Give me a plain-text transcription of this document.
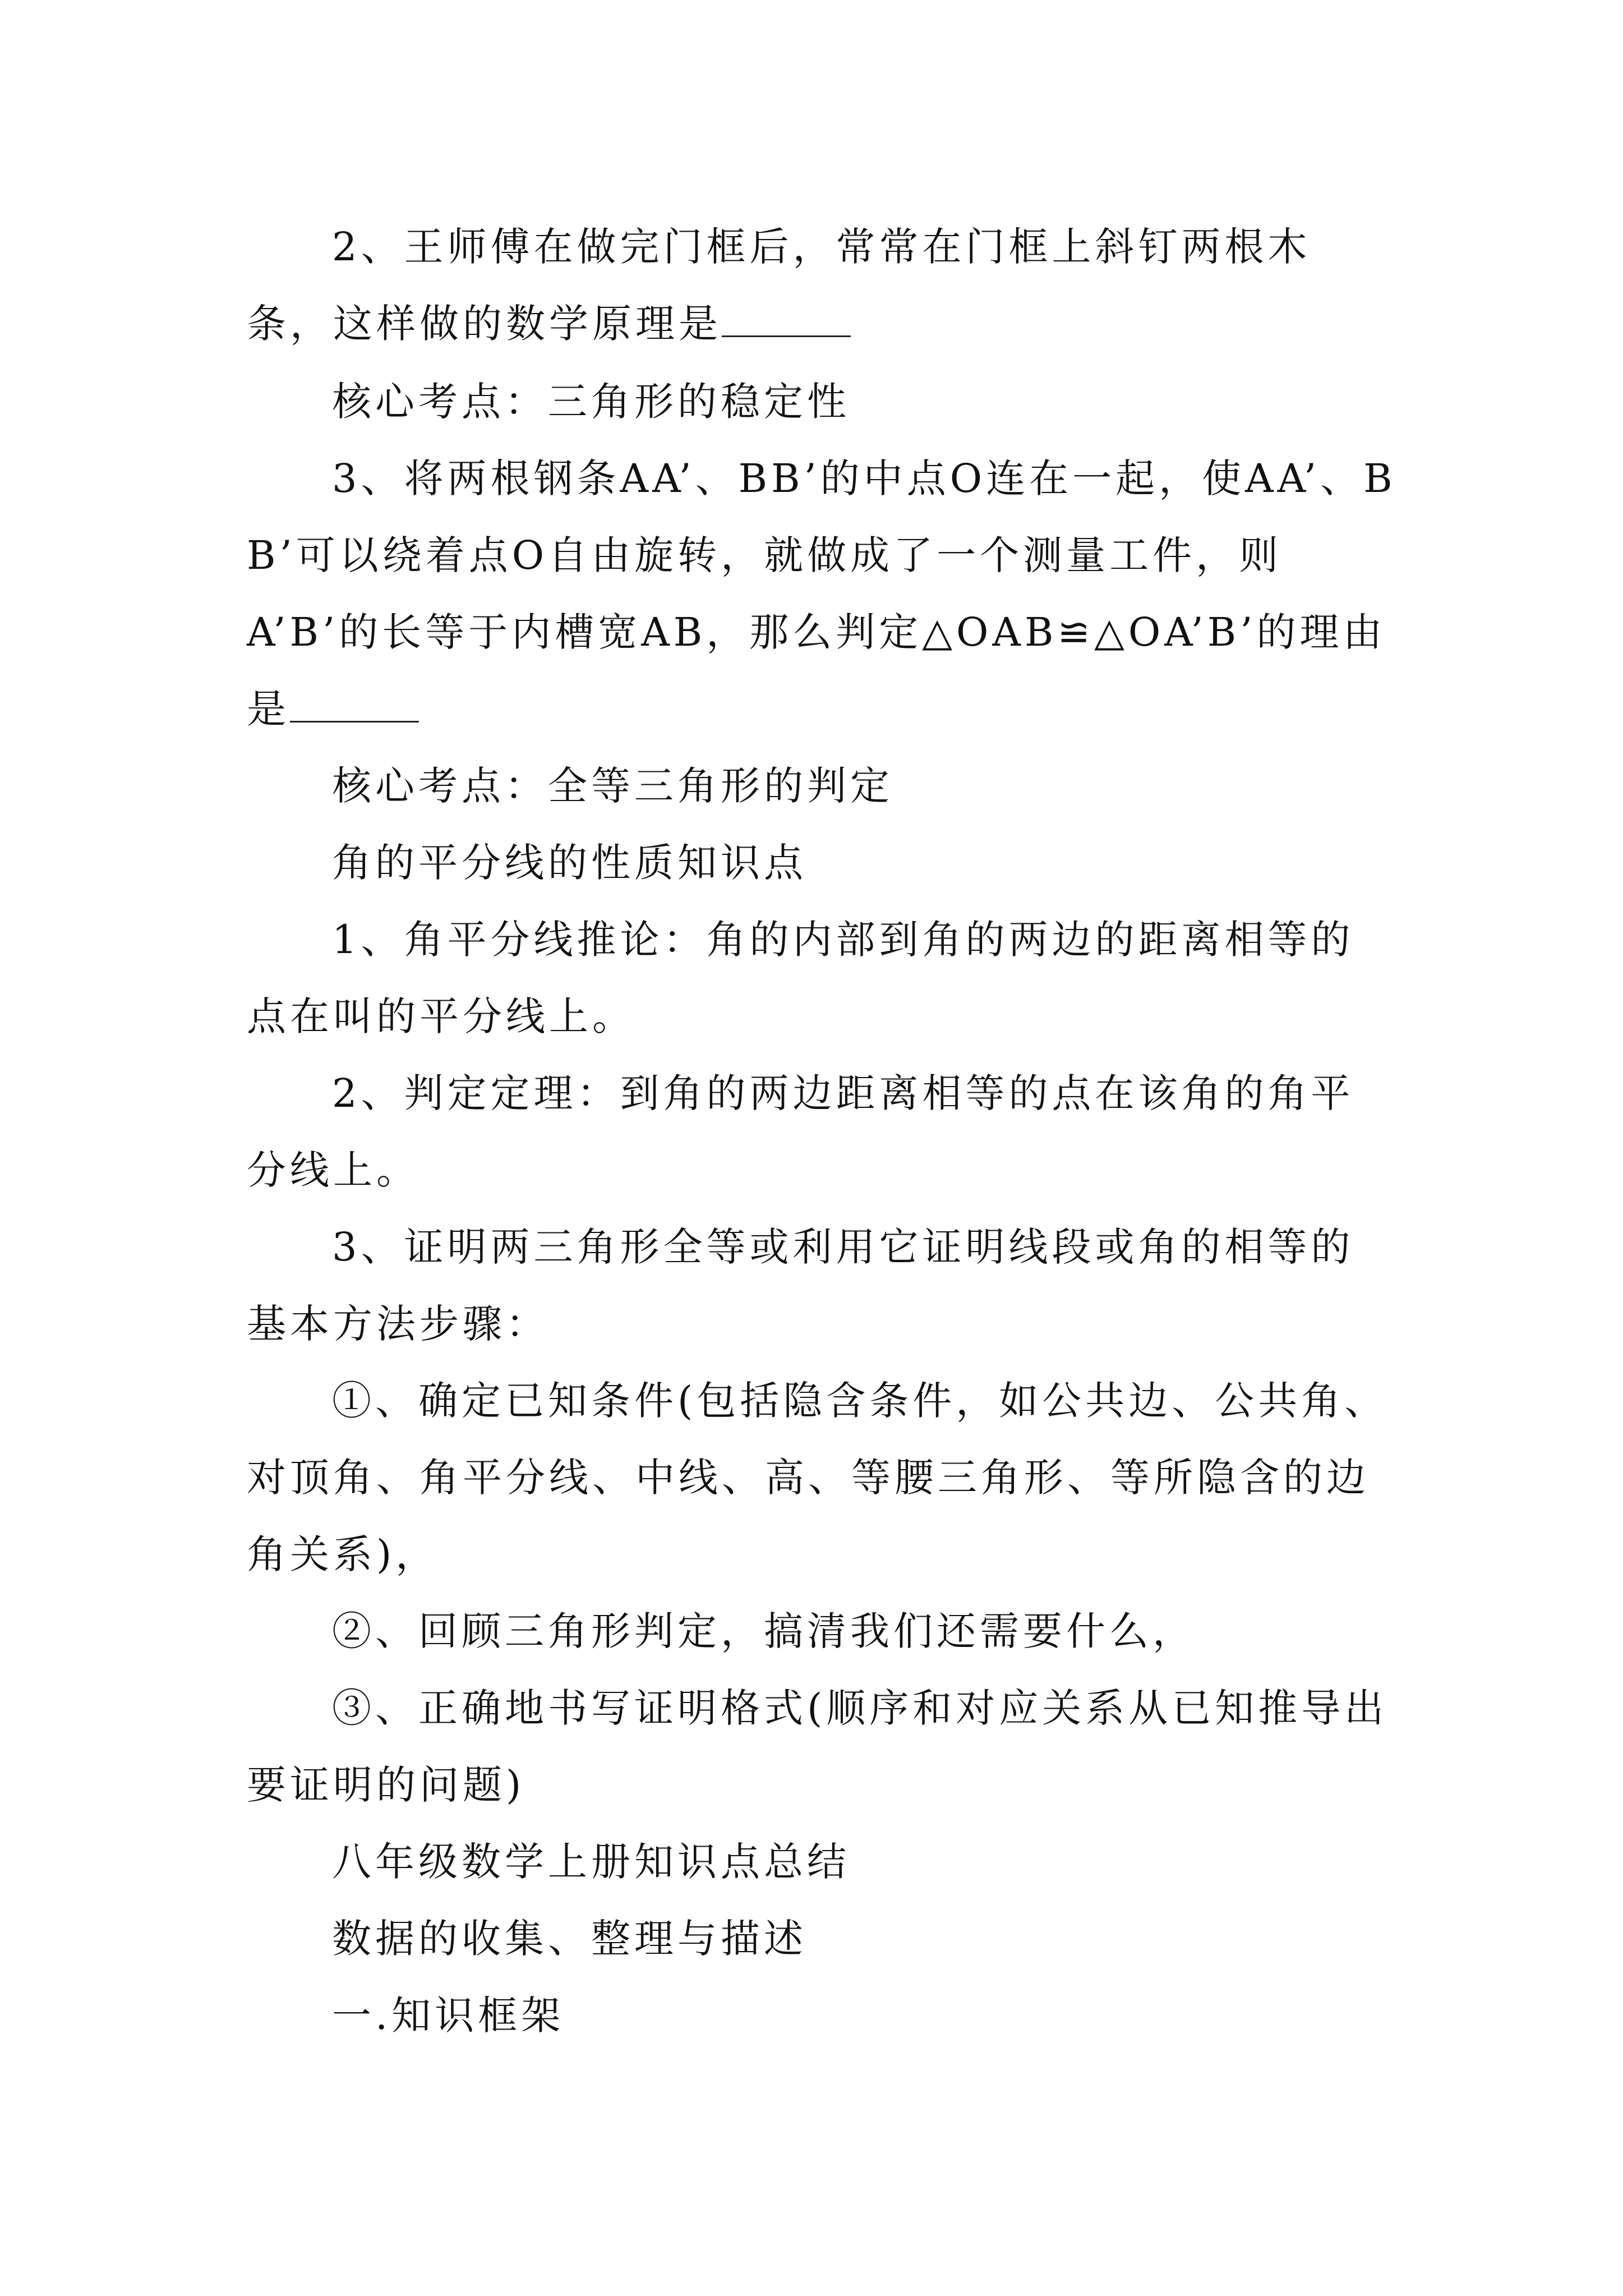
2、王师傅在做完门框后，常常在门框上斜钉两根木条，这样做的数学原理是

核心考点：三角形的稳定性

3、将两根钢条AA’、BB’的中点O连在一起，使AA’、BB’可以绕着点O自由旋转，就做成了一个测量工件，则A’B’的长等于内槽宽AB，那么判定△OAB≌△OA’B’的理由是

核心考点：全等三角形的判定

角的平分线的性质知识点

1、角平分线推论：角的内部到角的两边的距离相等的点在叫的平分线上。

2、判定定理：到角的两边距离相等的点在该角的角平分线上。

3、证明两三角形全等或利用它证明线段或角的相等的基本方法步骤：

①、确定已知条件(包括隐含条件，如公共边、公共角、对顶角、角平分线、中线、高、等腰三角形、等所隐含的边角关系)，

②、回顾三角形判定，搞清我们还需要什么，

③、正确地书写证明格式(顺序和对应关系从已知推导出要证明的问题)

八年级数学上册知识点总结

数据的收集、整理与描述

一.知识框架
